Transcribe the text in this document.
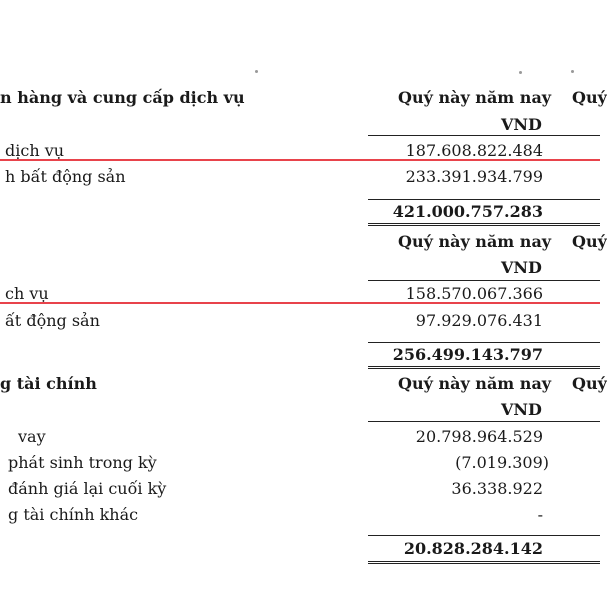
n hàng và cung cấp dịch vụ	Quý này năm nay Quý
VND
dịch vụ	187.608.822.484
h bất động sản	233.391.934.799
421.000.757.283
Quý này năm nay Quý
VND
ch vụ	158.570.067.366
ất động sản	97.929.076.431
256.499.143.797
g tài chính	Quý này năm nay Quý
VND
vay	20.798.964.529
phát sinh trong kỳ	(7.019.309)
đánh giá lại cuối kỳ	36.338.922
g tài chính khác	-
20.828.284.142
